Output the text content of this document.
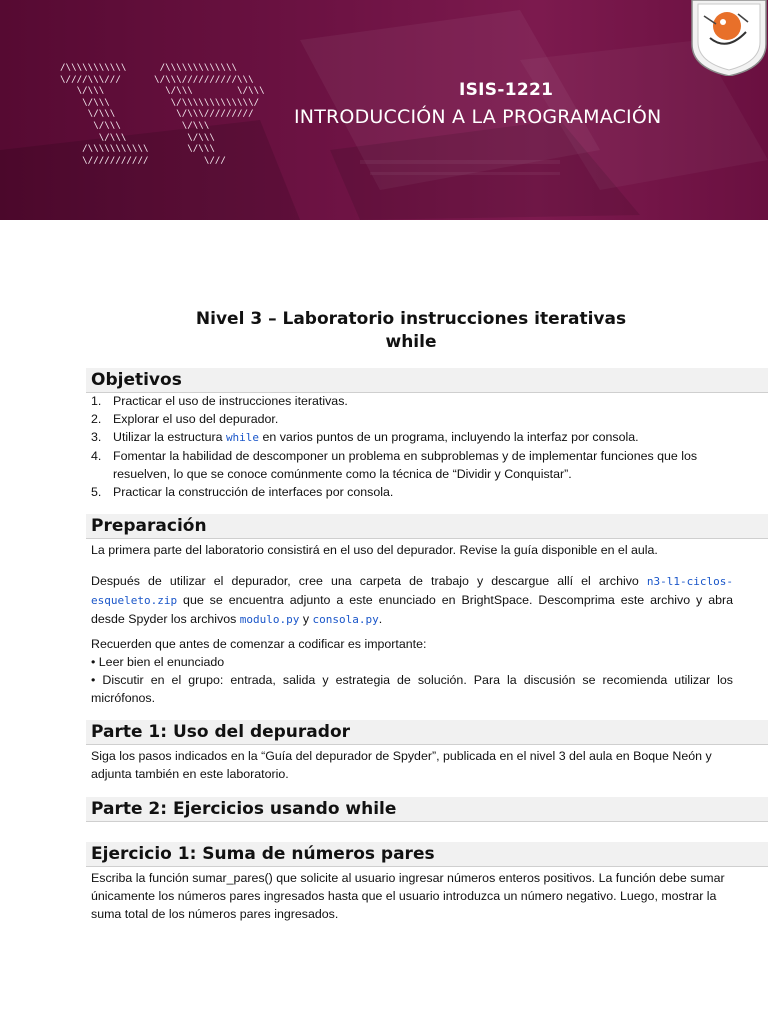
/\\\\\\\\\\\      /\\\\\\\\\\\\\
\////\\\///      \/\\\//////////\\\
\/\\\           \/\\\        \/\\\
\/\\\           \/\\\\\\\\\\\\\/
\/\\\           \/\\\/////////
\/\\\           \/\\\
\/\\\           \/\\\
/\\\\\\\\\\\       \/\\\
\///////////          \///
ISIS-1221
INTRODUCCIÓN A LA PROGRAMACIÓN
Nivel 3 – Laboratorio instrucciones iterativas
while
Objetivos
1. Practicar el uso de instrucciones iterativas.
2. Explorar el uso del depurador.
3. Utilizar la estructura while en varios puntos de un programa, incluyendo la interfaz por consola.
4. Fomentar la habilidad de descomponer un problema en subproblemas y de implementar funciones que los resuelven, lo que se conoce comúnmente como la técnica de “Dividir y Conquistar”.
5. Practicar la construcción de interfaces por consola.
Preparación
La primera parte del laboratorio consistirá en el uso del depurador. Revise la guía disponible en el aula.
Después de utilizar el depurador, cree una carpeta de trabajo y descargue allí el archivo n3-l1-ciclos-esqueleto.zip que se encuentra adjunto a este enunciado en BrightSpace. Descomprima este archivo y abra desde Spyder los archivos modulo.py y consola.py.
Recuerden que antes de comenzar a codificar es importante:
• Leer bien el enunciado
• Discutir en el grupo: entrada, salida y estrategia de solución. Para la discusión se recomienda utilizar los micrófonos.
Parte 1: Uso del depurador
Siga los pasos indicados en la “Guía del depurador de Spyder”, publicada en el nivel 3 del aula en Boque Neón y adjunta también en este laboratorio.
Parte 2: Ejercicios usando while
Ejercicio 1: Suma de números pares
Escriba la función sumar_pares() que solicite al usuario ingresar números enteros positivos. La función debe sumar únicamente los números pares ingresados hasta que el usuario introduzca un número negativo. Luego, mostrar la suma total de los números pares ingresados.
